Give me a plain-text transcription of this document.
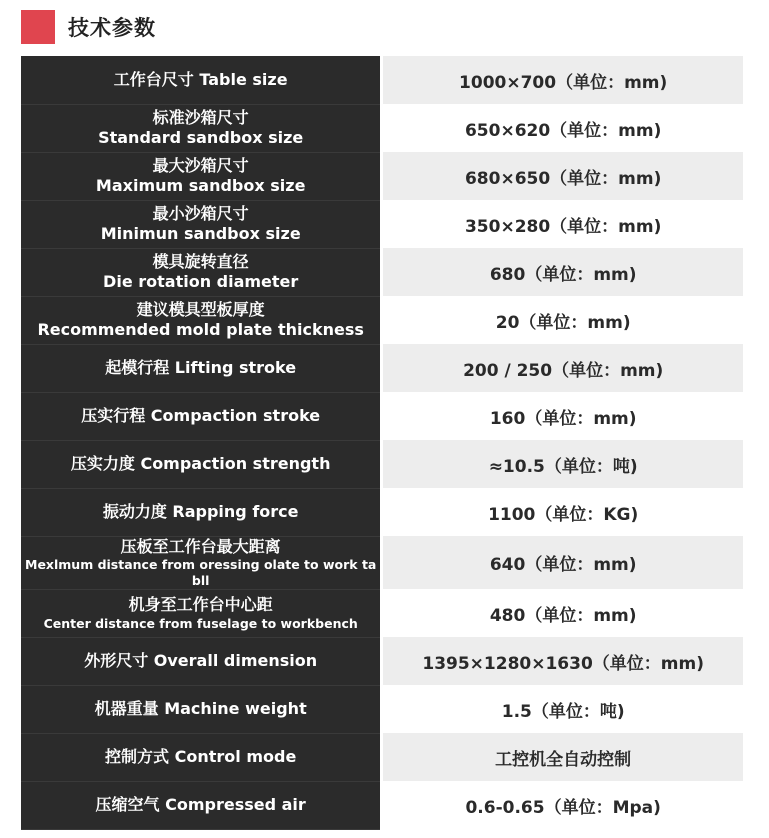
技术参数
工作台尺寸 Table size	1000×700（单位：mm)

标准沙箱尺寸
Standard sandbox size	650×620（单位：mm)

最大沙箱尺寸
Maximum sandbox size	680×650（单位：mm)

最小沙箱尺寸
Minimun sandbox size	350×280（单位：mm)

模具旋转直径
Die rotation diameter	680（单位：mm)

建议模具型板厚度
Recommended mold plate thickness	20（单位：mm)

起模行程 Lifting stroke	200 / 250（单位：mm)

压实行程 Compaction stroke	160（单位：mm)

压实力度 Compaction strength	≈10.5（单位：吨)

振动力度 Rapping force	1100（单位：KG)

压板至工作台最大距离
Mexlmum distance from oressing olate to work ta bll	640（单位：mm)

机身至工作台中心距
Center distance from fuselage to workbench	480（单位：mm)

外形尺寸 Overall dimension	1395×1280×1630（单位：mm)

机器重量 Machine weight	1.5（单位：吨)

控制方式 Control mode	工控机全自动控制

压缩空气 Compressed air	0.6-0.65（单位：Mpa)
